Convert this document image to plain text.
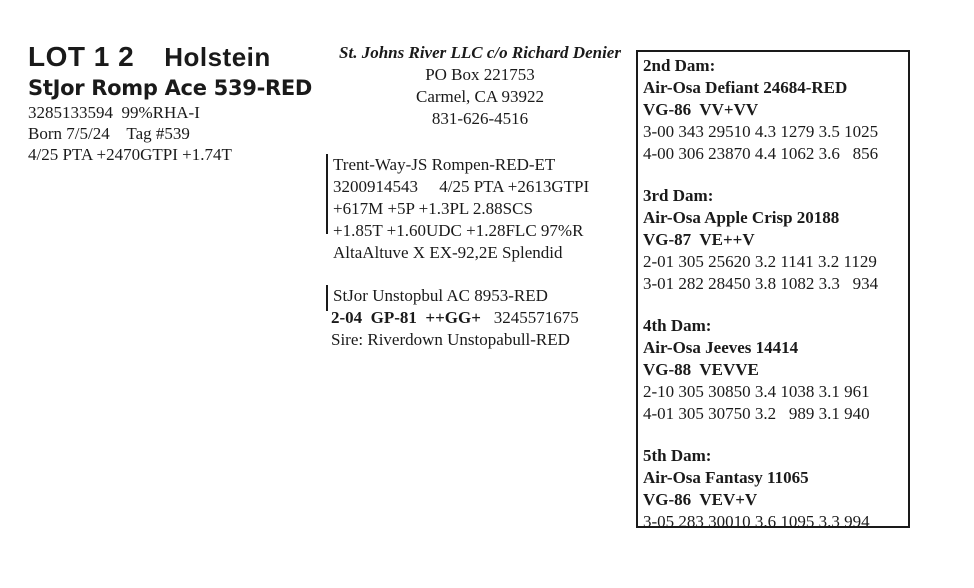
LOT 1 2 Holstein
StJor Romp Ace 539-RED
3285133594  99%RHA-I
Born 7/5/24    Tag #539
4/25 PTA +2470GTPI +1.74T
St. Johns River LLC c/o Richard Denier
PO Box 221753
Carmel, CA 93922
831-626-4516
Trent-Way-JS Rompen-RED-ET
3200914543     4/25 PTA +2613GTPI
+617M +5P +1.3PL 2.88SCS
+1.85T +1.60UDC +1.28FLC 97%R
AltaAltuve X EX-92,2E Splendid
StJor Unstopbul AC 8953-RED
2-04  GP-81  ++GG+ 3245571675
Sire: Riverdown Unstopabull-RED
2nd Dam:
Air-Osa Defiant 24684-RED
VG-86  VV+VV
3-00 343 29510 4.3 1279 3.5 1025
4-00 306 23870 4.4 1062 3.6   856
3rd Dam:
Air-Osa Apple Crisp 20188
VG-87  VE++V
2-01 305 25620 3.2 1141 3.2 1129
3-01 282 28450 3.8 1082 3.3   934
4th Dam:
Air-Osa Jeeves 14414
VG-88  VEVVE
2-10 305 30850 3.4 1038 3.1 961
4-01 305 30750 3.2   989 3.1 940
5th Dam:
Air-Osa Fantasy 11065
VG-86  VEV+V
3-05 283 30010 3.6 1095 3.3 994
